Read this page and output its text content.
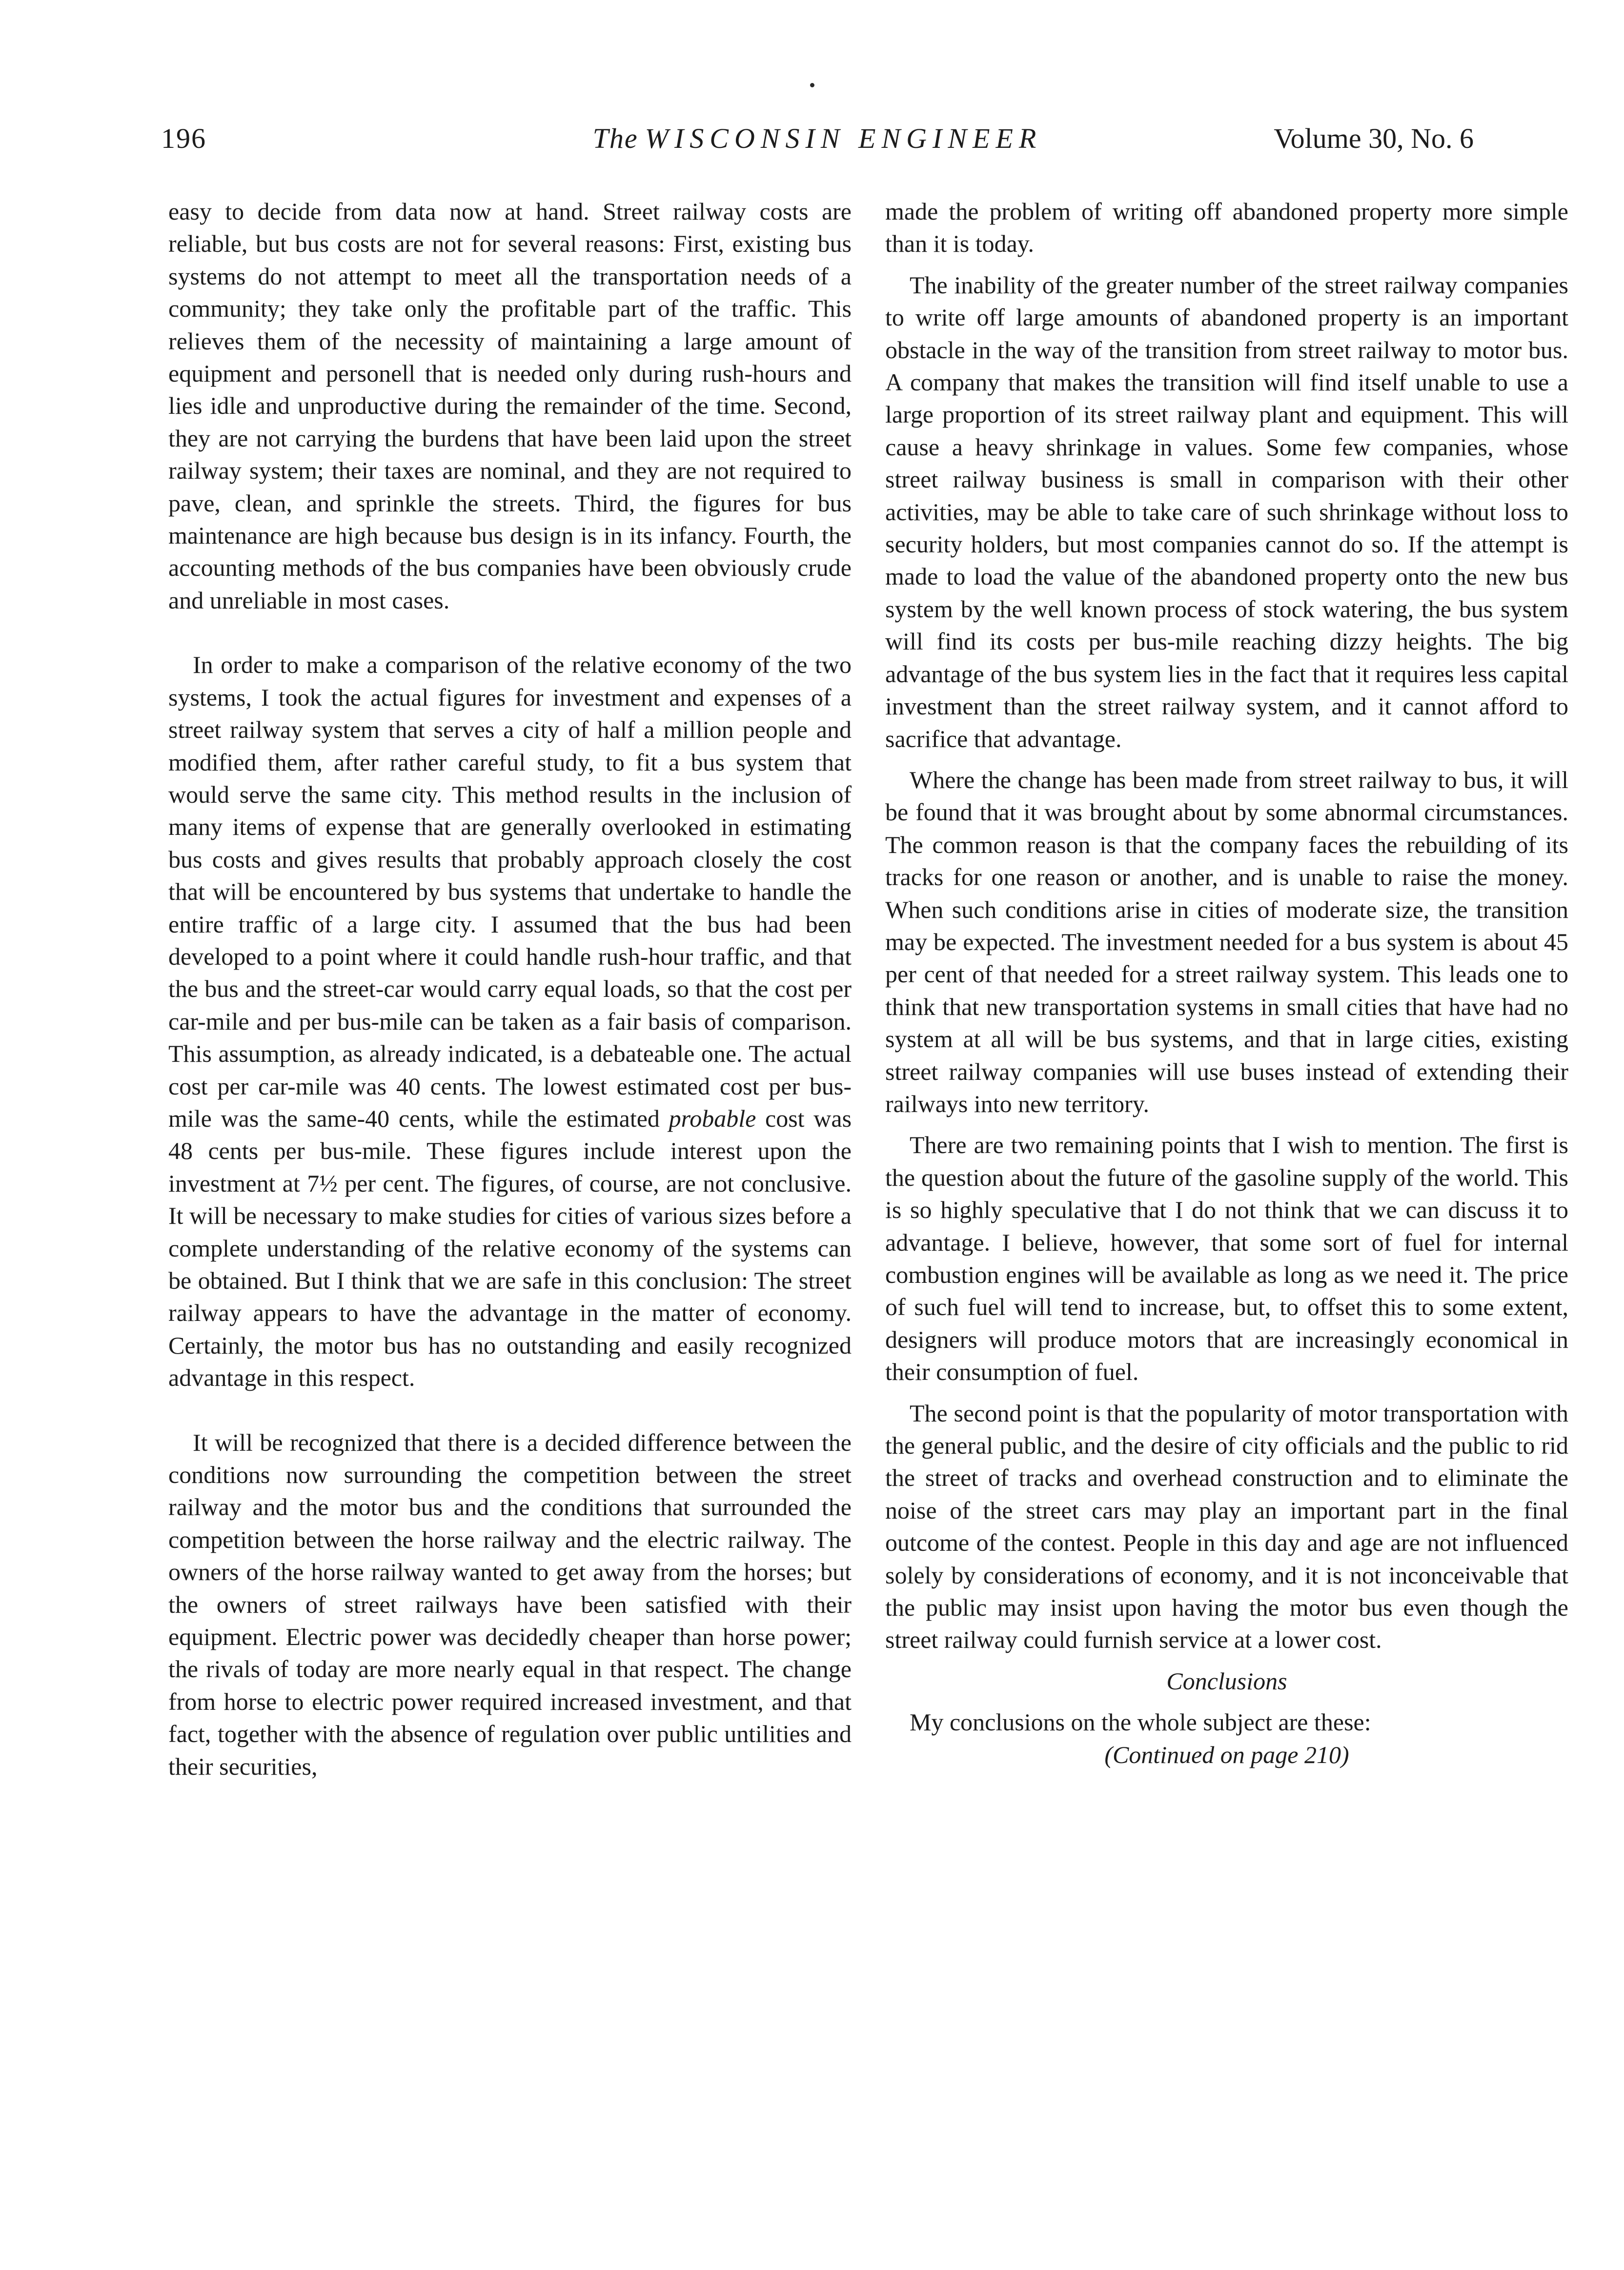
196	The WISCONSIN ENGINEER	Volume 30, No. 6

easy to decide from data now at hand. Street railway costs are reliable, but bus costs are not for several reasons: First, existing bus systems do not attempt to meet all the transportation needs of a community; they take only the profitable part of the traffic. This relieves them of the necessity of maintaining a large amount of equipment and personell that is needed only during rush-hours and lies idle and unproductive during the remainder of the time. Second, they are not carrying the burdens that have been laid upon the street railway system; their taxes are nominal, and they are not required to pave, clean, and sprinkle the streets. Third, the figures for bus maintenance are high because bus design is in its infancy. Fourth, the accounting methods of the bus companies have been obviously crude and unreliable in most cases.

In order to make a comparison of the relative economy of the two systems, I took the actual figures for investment and expenses of a street railway system that serves a city of half a million people and modified them, after rather careful study, to fit a bus system that would serve the same city. This method results in the inclusion of many items of expense that are generally overlooked in estimating bus costs and gives results that probably approach closely the cost that will be encountered by bus systems that undertake to handle the entire traffic of a large city. I assumed that the bus had been developed to a point where it could handle rush-hour traffic, and that the bus and the street-car would carry equal loads, so that the cost per car-mile and per bus-mile can be taken as a fair basis of comparison. This assumption, as already indicated, is a debateable one. The actual cost per car-mile was 40 cents. The lowest estimated cost per bus-mile was the same-40 cents, while the estimated probable cost was 48 cents per bus-mile. These figures include interest upon the investment at 7½ per cent. The figures, of course, are not conclusive. It will be necessary to make studies for cities of various sizes before a complete understanding of the relative economy of the systems can be obtained. But I think that we are safe in this conclusion: The street railway appears to have the advantage in the matter of economy. Certainly, the motor bus has no outstanding and easily recognized advantage in this respect.

It will be recognized that there is a decided difference between the conditions now surrounding the competition between the street railway and the motor bus and the conditions that surrounded the competition between the horse railway and the electric railway. The owners of the horse railway wanted to get away from the horses; but the owners of street railways have been satisfied with their equipment. Electric power was decidedly cheaper than horse power; the rivals of today are more nearly equal in that respect. The change from horse to electric power required increased investment, and that fact, together with the absence of regulation over public untilities and their securities,

made the problem of writing off abandoned property more simple than it is today.

The inability of the greater number of the street railway companies to write off large amounts of abandoned property is an important obstacle in the way of the transition from street railway to motor bus. A company that makes the transition will find itself unable to use a large proportion of its street railway plant and equipment. This will cause a heavy shrinkage in values. Some few companies, whose street railway business is small in comparison with their other activities, may be able to take care of such shrinkage without loss to security holders, but most companies cannot do so. If the attempt is made to load the value of the abandoned property onto the new bus system by the well known process of stock watering, the bus system will find its costs per bus-mile reaching dizzy heights. The big advantage of the bus system lies in the fact that it requires less capital investment than the street railway system, and it cannot afford to sacrifice that advantage.

Where the change has been made from street railway to bus, it will be found that it was brought about by some abnormal circumstances. The common reason is that the company faces the rebuilding of its tracks for one reason or another, and is unable to raise the money. When such conditions arise in cities of moderate size, the transition may be expected. The investment needed for a bus system is about 45 per cent of that needed for a street railway system. This leads one to think that new transportation systems in small cities that have had no system at all will be bus systems, and that in large cities, existing street railway companies will use buses instead of extending their railways into new territory.

There are two remaining points that I wish to mention. The first is the question about the future of the gasoline supply of the world. This is so highly speculative that I do not think that we can discuss it to advantage. I believe, however, that some sort of fuel for internal combustion engines will be available as long as we need it. The price of such fuel will tend to increase, but, to offset this to some extent, designers will produce motors that are increasingly economical in their consumption of fuel.

The second point is that the popularity of motor transportation with the general public, and the desire of city officials and the public to rid the street of tracks and overhead construction and to eliminate the noise of the street cars may play an important part in the final outcome of the contest. People in this day and age are not influenced solely by considerations of economy, and it is not inconceivable that the public may insist upon having the motor bus even though the street railway could furnish service at a lower cost.

Conclusions

My conclusions on the whole subject are these:

(Continued on page 210)
